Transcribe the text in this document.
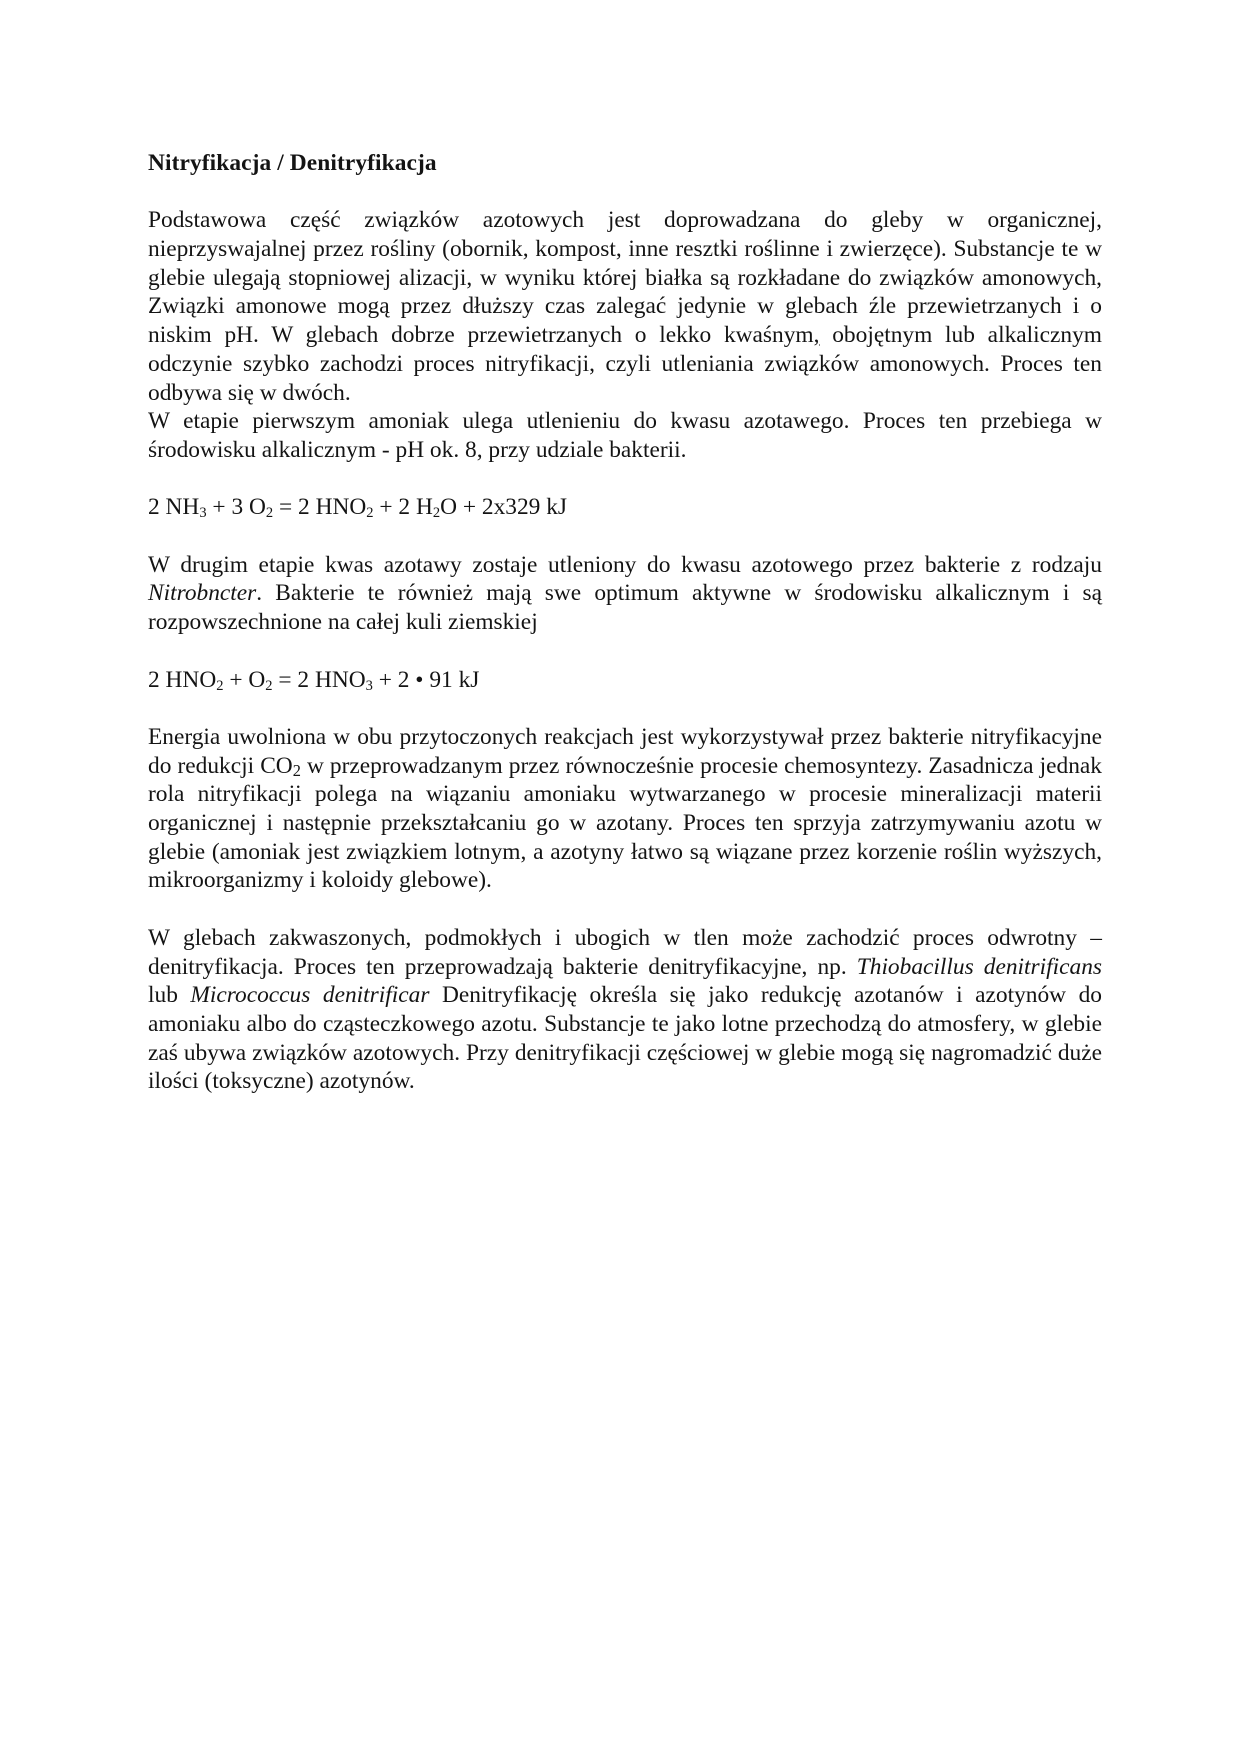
Nitryfikacja / Denitryfikacja

Podstawowa część związków azotowych jest doprowadzana do gleby w organicznej, nieprzyswajalnej przez rośliny (obornik, kompost, inne resztki roślinne i zwierzęce). Substancje te w glebie ulegają stopniowej alizacji, w wyniku której białka są rozkładane do związków amonowych, Związki amonowe mogą przez dłuższy czas zalegać jedynie w glebach źle przewietrzanych i o niskim pH. W glebach dobrze przewietrzanych o lekko kwaśnym, obojętnym lub alkalicznym odczynie szybko zachodzi proces nitryfikacji, czyli utleniania związków amonowych. Proces ten odbywa się w dwóch.

W etapie pierwszym amoniak ulega utlenieniu do kwasu azotawego. Proces ten przebiega w środowisku alkalicznym - pH ok. 8, przy udziale bakterii.

2 $NH_3 + 3$ $O_2 = 2$ $HNO_2 + 2$ $H_2O + 2x329$ kJ

W drugim etapie kwas azotawy zostaje utleniony do kwasu azotowego przez bakterie z rodzaju Nitrobncter. Bakterie te również mają swe optimum aktywne w środowisku alkalicznym i są rozpowszechnione na całej kuli ziemskiej

2 $HNO_2 + O_2 = 2$ $HNO_3 + 2$ • 91 kJ

Energia uwolniona w obu przytoczonych reakcjach jest wykorzystywał przez bakterie nitryfikacyjne do redukcji $CO_2$ w przeprowadzanym przez równocześnie procesie chemosyntezy. Zasadnicza jednak rola nitryfikacji polega na wiązaniu amoniaku wytwarzanego w procesie mineralizacji materii organicznej i następnie przekształcaniu go w azotany. Proces ten sprzyja zatrzymywaniu azotu w glebie (amoniak jest związkiem lotnym, a azotyny łatwo są wiązane przez korzenie roślin wyższych, mikroorganizmy i koloidy glebowe).

W glebach zakwaszonych, podmokłych i ubogich w tlen może zachodzić proces odwrotny – denitryfikacja. Proces ten przeprowadzają bakterie denitryfikacyjne, np. Thiobacillus denitrificans lub Micrococcus denitrificar Denitryfikację określa się jako redukcję azotanów i azotynów do amoniaku albo do cząsteczkowego azotu. Substancje te jako lotne przechodzą do atmosfery, w glebie zaś ubywa związków azotowych. Przy denitryfikacji częściowej w glebie mogą się nagromadzić duże ilości (toksyczne) azotynów.
